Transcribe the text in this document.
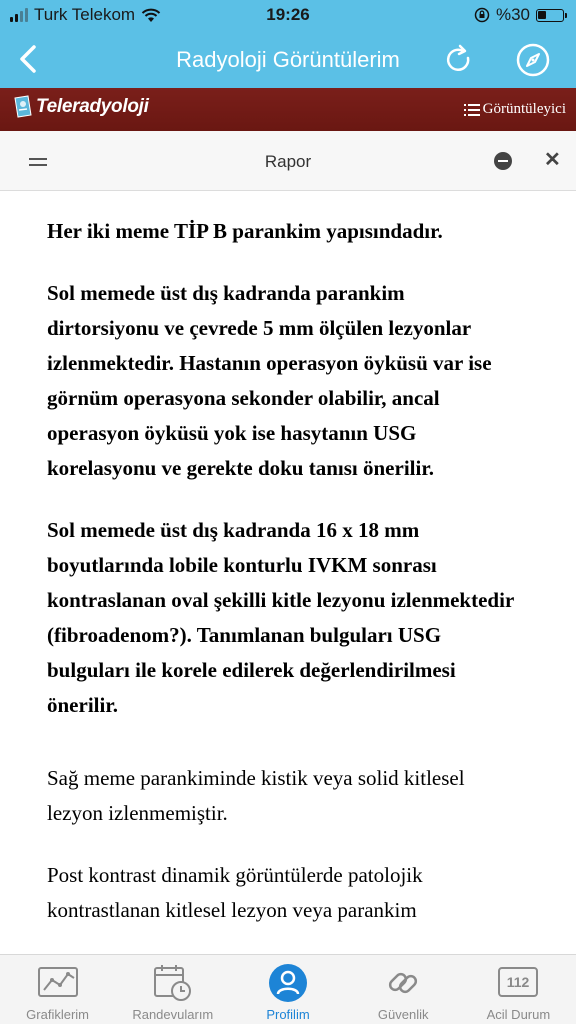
Turk Telekom	19:26	%30
Radyoloji Görüntülerim
Teleradyoloji	Görüntüleyici
Rapor	✕

Her iki meme TİP B parankim yapısındadır.

Sol memede üst dış kadranda parankim dirtorsiyonu ve çevrede 5 mm ölçülen lezyonlar izlenmektedir. Hastanın operasyon öyküsü var ise görnüm operasyona sekonder olabilir, ancal operasyon öyküsü yok ise hasytanın USG korelasyonu ve gerekte doku tanısı önerilir.

Sol memede üst dış kadranda 16 x 18 mm boyutlarında lobile konturlu IVKM sonrası kontraslanan oval şekilli kitle lezyonu izlenmektedir (fibroadenom?). Tanımlanan bulguları USG bulguları ile korele edilerek değerlendirilmesi önerilir.

Sağ meme parankiminde kistik veya solid kitlesel lezyon izlenmemiştir.

Post kontrast dinamik görüntülerde patolojik kontrastlanan kitlesel lezyon veya parankim

Grafiklerim	Randevularım	Profilim	Güvenlik
112
Acil Durum
